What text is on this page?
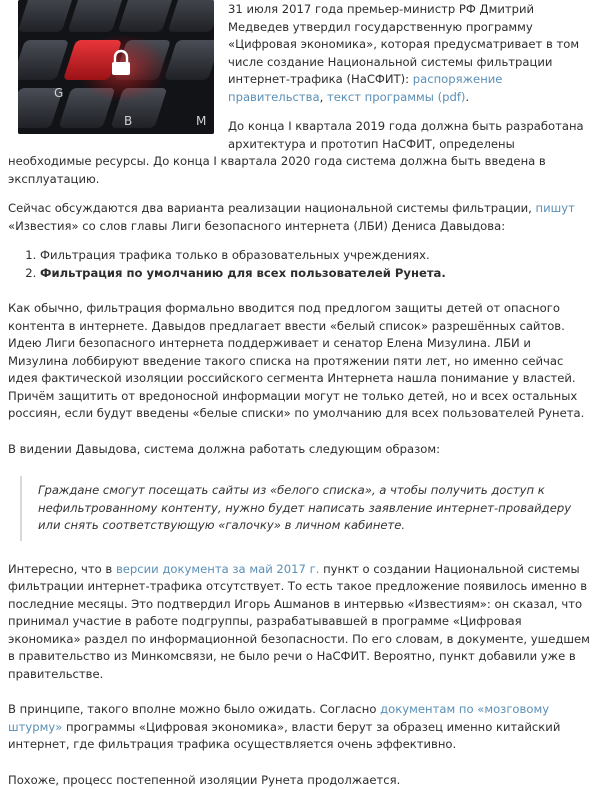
G
B	M

31 июля 2017 года премьер-министр РФ Дмитрий Медведев утвердил государственную программу «Цифровая экономика», которая предусматривает в том числе создание Национальной системы фильтрации интернет-трафика (НаСФИТ): распоряжение правительства, текст программы (pdf).

До конца I квартала 2019 года должна быть разработана архитектура и прототип НаСФИТ, определены необходимые ресурсы. До конца I квартала 2020 года система должна быть введена в эксплуатацию.

Сейчас обсуждаются два варианта реализации национальной системы фильтрации, пишут «Известия» со слов главы Лиги безопасного интернета (ЛБИ) Дениса Давыдова:

1. Фильтрация трафика только в образовательных учреждениях.
2. Фильтрация по умолчанию для всех пользователей Рунета.

Как обычно, фильтрация формально вводится под предлогом защиты детей от опасного контента в интернете. Давыдов предлагает ввести «белый список» разрешённых сайтов. Идею Лиги безопасного интернета поддерживает и сенатор Елена Мизулина. ЛБИ и Мизулина лоббируют введение такого списка на протяжении пяти лет, но именно сейчас идея фактической изоляции российского сегмента Интернета нашла понимание у властей. Причём защитить от вредоносной информации могут не только детей, но и всех остальных россиян, если будут введены «белые списки» по умолчанию для всех пользователей Рунета.

В видении Давыдова, система должна работать следующим образом:

Граждане смогут посещать сайты из «белого списка», а чтобы получить доступ к нефильтрованному контенту, нужно будет написать заявление интернет-провайдеру или снять соответствующую «галочку» в личном кабинете.

Интересно, что в версии документа за май 2017 г. пункт о создании Национальной системы фильтрации интернет-трафика отсутствует. То есть такое предложение появилось именно в последние месяцы. Это подтвердил Игорь Ашманов в интервью «Известиям»: он сказал, что принимал участие в работе подгруппы, разрабатывавшей в программе «Цифровая экономика» раздел по информационной безопасности. По его словам, в документе, ушедшем в правительство из Минкомсвязи, не было речи о НаСФИТ. Вероятно, пункт добавили уже в правительстве.

В принципе, такого вполне можно было ожидать. Согласно документам по «мозговому штурму» программы «Цифровая экономика», власти берут за образец именно китайский интернет, где фильтрация трафика осуществляется очень эффективно.

Похоже, процесс постепенной изоляции Рунета продолжается.
